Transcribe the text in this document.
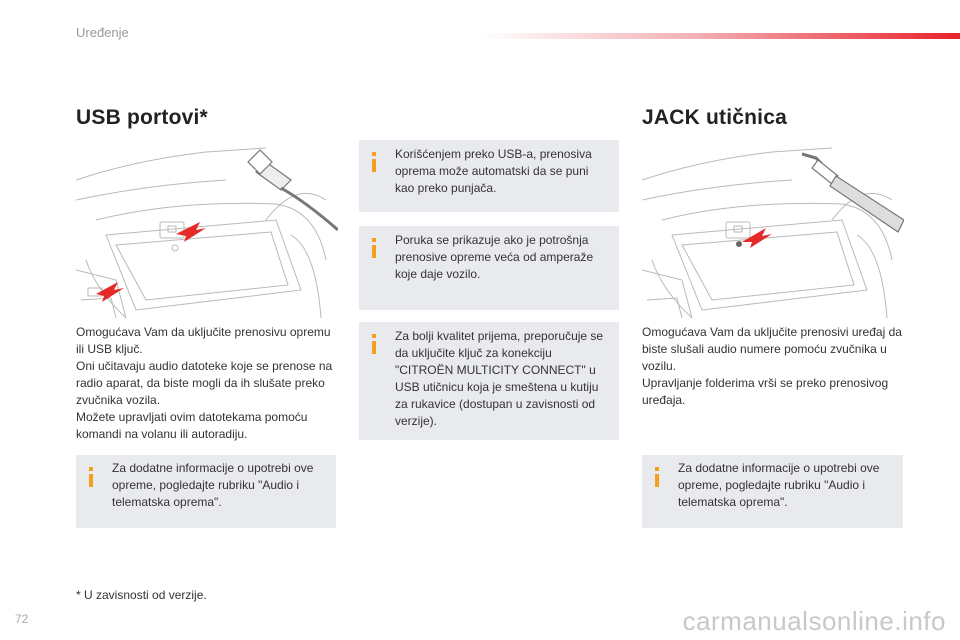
Uređenje
USB portovi*

Omogućava Vam da uključite prenosivu opremu ili USB ključ.

Oni učitavaju audio datoteke koje se prenose na radio aparat, da biste mogli da ih slušate preko zvučnika vozila.

Možete upravljati ovim datotekama pomoću komandi na volanu ili autoradiju.

Za dodatne informacije o upotrebi ove opreme, pogledajte rubriku "Audio i telematska oprema".
Korišćenjem preko USB-a, prenosiva oprema može automatski da se puni kao preko punjača.
Poruka se prikazuje ako je potrošnja prenosive opreme veća od amperaže koje daje vozilo.
Za bolji kvalitet prijema, preporučuje se da uključite ključ za konekciju "CITROËN MULTICITY CONNECT" u USB utičnicu koja je smeštena u kutiju za rukavice (dostupan u zavisnosti od verzije).
JACK utičnica

Omogućava Vam da uključite prenosivi uređaj da biste slušali audio numere pomoću zvučnika u vozilu.

Upravljanje folderima vrši se preko prenosivog uređaja.

Za dodatne informacije o upotrebi ove opreme, pogledajte rubriku "Audio i telematska oprema".
* U zavisnosti od verzije.
72	carmanualsonline.info
